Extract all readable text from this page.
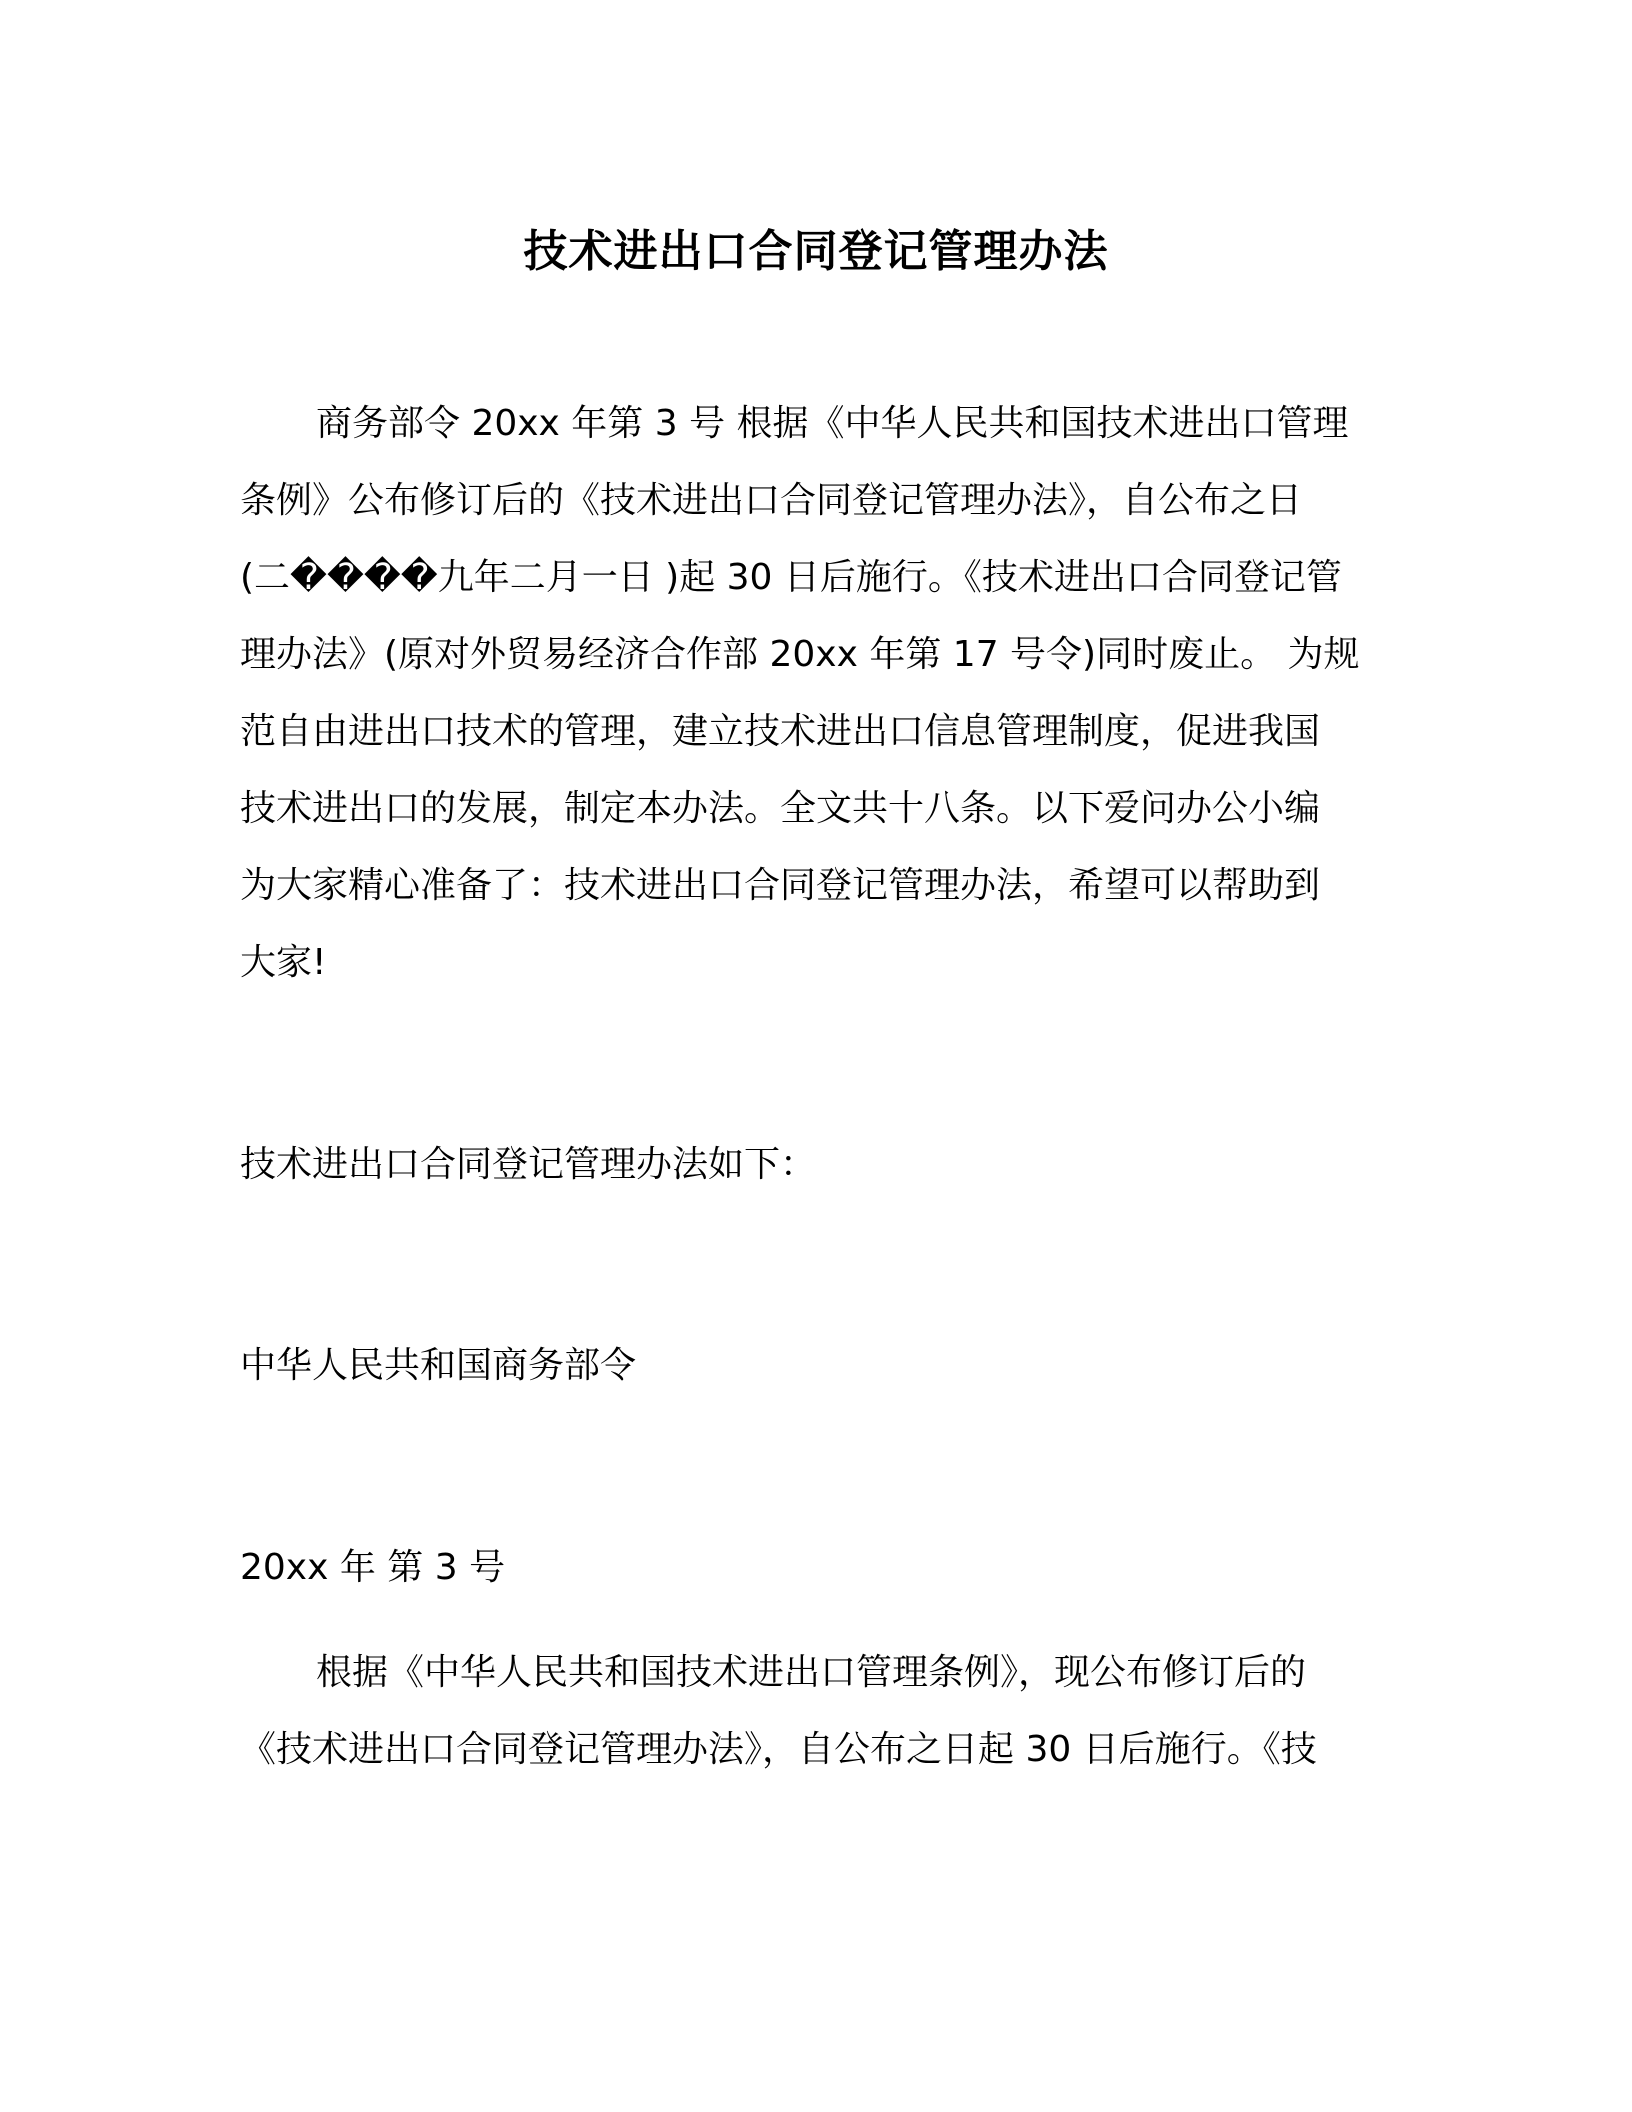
技术进出口合同登记管理办法
商务部令 20xx 年第 3 号 根据《中华人民共和国技术进出口管理
条例》公布修订后的《技术进出口合同登记管理办法》，自公布之日
(二����九年二月一日 )起 30 日后施行。《技术进出口合同登记管
理办法》(原对外贸易经济合作部 20xx 年第 17 号令)同时废止。 为规
范自由进出口技术的管理，建立技术进出口信息管理制度，促进我国
技术进出口的发展，制定本办法。全文共十八条。以下爱问办公小编
为大家精心准备了：技术进出口合同登记管理办法，希望可以帮助到
大家!
技术进出口合同登记管理办法如下：
中华人民共和国商务部令
20xx 年 第 3 号
根据《中华人民共和国技术进出口管理条例》，现公布修订后的
《技术进出口合同登记管理办法》，自公布之日起 30 日后施行。《技
